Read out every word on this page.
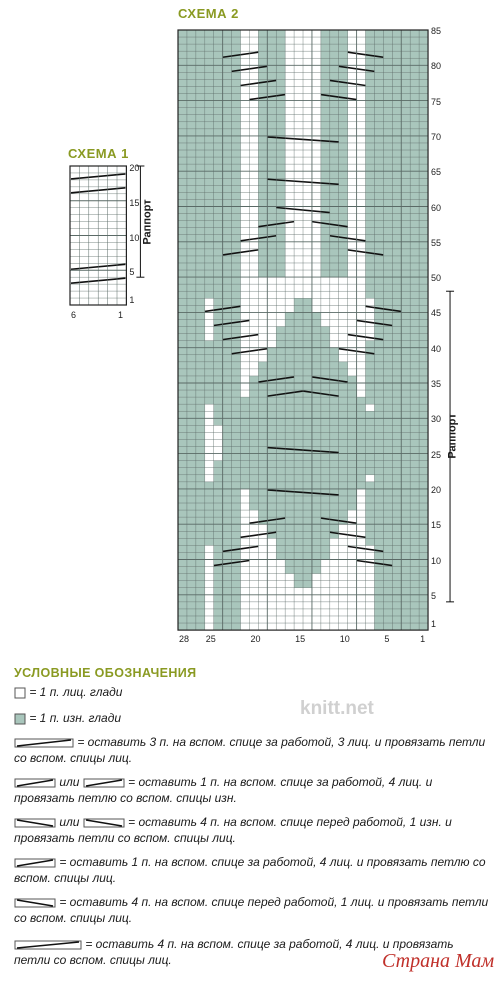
СХЕМА 2
85
80
75
70
65
60
55
50
45
40
35
30
25
20
15
10
5
1
28 25	20	15	10	5	1
Раппорт
СХЕМА 1
20
15
10
5
1
6	1
Раппорт
УСЛОВНЫЕ ОБОЗНАЧЕНИЯ
= 1 п. лиц. глади
= 1 п. изн. глади
= оставить 3 п. на вспом. спице за работой, 3 лиц. и провязать петли со вспом. спицы лиц.
или	= оставить 1 п. на вспом. спице за работой, 4 лиц. и провязать петлю со вспом. спицы изн.
или	= оставить 4 п. на вспом. спице перед работой, 1 изн. и провязать петли со вспом. спицы лиц.
= оставить 1 п. на вспом. спице за работой, 4 лиц. и провязать петлю со вспом. спицы лиц.
= оставить 4 п. на вспом. спице перед работой, 1 лиц. и провязать петли со вспом. спицы лиц.
= оставить 4 п. на вспом. спице за работой, 4 лиц. и провязать петли со вспом. спицы лиц.
knitt.net
Страна Мам
